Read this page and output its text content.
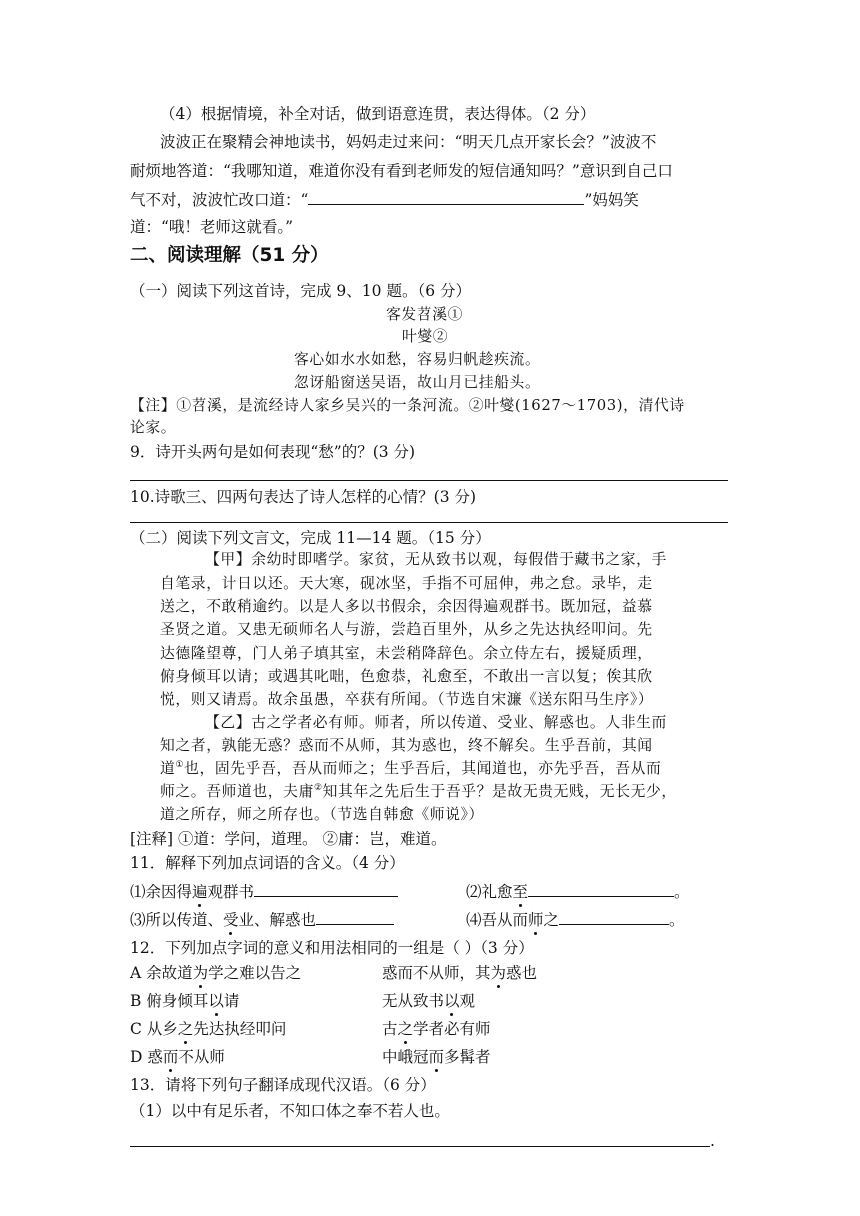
（4）根据情境，补全对话，做到语意连贯，表达得体。（2 分）
波波正在聚精会神地读书，妈妈走过来问：“明天几点开家长会？”波波不
耐烦地答道：“我哪知道，难道你没有看到老师发的短信通知吗？”意识到自己口
气不对，波波忙改口道：“	”妈妈笑
道：“哦！老师这就看。”
二、阅读理解（51 分）
（一）阅读下列这首诗，完成 9、10 题。（6 分）
客发苕溪①
叶燮②
客心如水水如愁，容易归帆趁疾流。
忽讶船窗送吴语，故山月已挂船头。
【注】①苕溪，是流经诗人家乡吴兴的一条河流。②叶燮(1627～1703)，清代诗
论家。
9．诗开头两句是如何表现“愁”的？(3 分)
10.诗歌三、四两句表达了诗人怎样的心情？(3 分)
（二）阅读下列文言文，完成 11—14 题。（15 分）
【甲】余幼时即嗜学。家贫，无从致书以观，每假借于藏书之家，手
自笔录，计日以还。天大寒，砚冰坚，手指不可屈伸，弗之怠。录毕，走
送之，不敢稍逾约。以是人多以书假余，余因得遍观群书。既加冠，益慕
圣贤之道。又患无硕师名人与游，尝趋百里外，从乡之先达执经叩问。先
达德隆望尊，门人弟子填其室，未尝稍降辞色。余立侍左右，援疑质理，
俯身倾耳以请；或遇其叱咄，色愈恭，礼愈至，不敢出一言以复；俟其欣
悦，则又请焉。故余虽愚，卒获有所闻。（节选自宋濂《送东阳马生序》）
【乙】古之学者必有师。师者，所以传道、受业、解惑也。人非生而
知之者，孰能无惑？惑而不从师，其为惑也，终不解矣。生乎吾前，其闻
道①也，固先乎吾，吾从而师之；生乎吾后，其闻道也，亦先乎吾，吾从而
师之。吾师道也，夫庸②知其年之先后生于吾乎？是故无贵无贱，无长无少，
道之所存，师之所存也。（节选自韩愈《师说》）
[注释] ①道：学问，道理。 ②庸：岂，难道。
11．解释下列加点词语的含义。（4 分）
⑴余因得遍观群书	⑵礼愈至	。
⑶所以传道、受业、解惑也	⑷吾从而师之	。
12．下列加点字词的意义和用法相同的一组是（ ）（3 分）
A 余故道为学之难以告之	惑而不从师，其为惑也
B 俯身倾耳以请	无从致书以观
C 从乡之先达执经叩问	古之学者必有师
D 惑而不从师	中峨冠而多髯者
13．请将下列句子翻译成现代汉语。（6 分）
（1）以中有足乐者，不知口体之奉不若人也。
.
